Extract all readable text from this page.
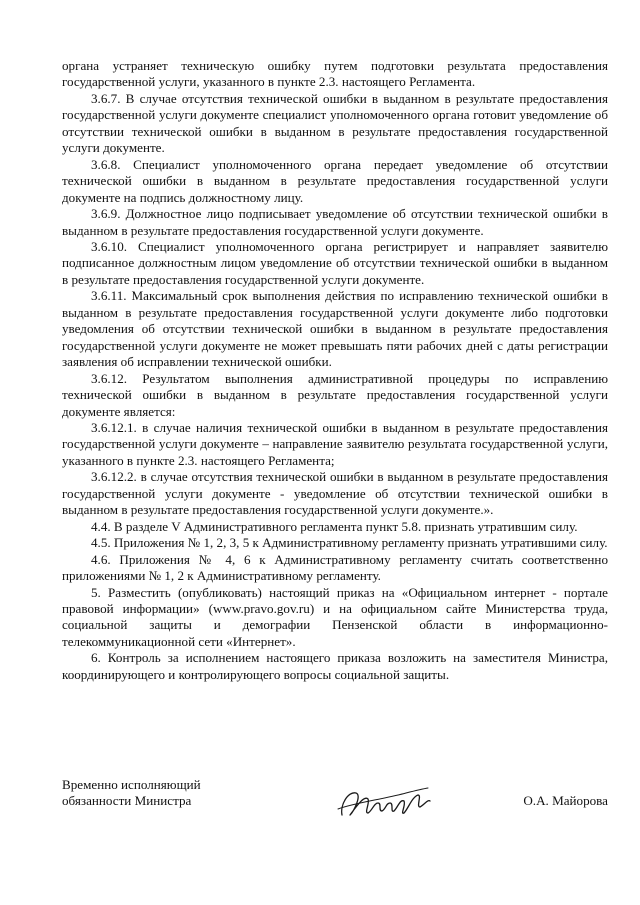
органа устраняет техническую ошибку путем подготовки результата предоставления государственной услуги, указанного в пункте 2.3. настоящего Регламента.

3.6.7. В случае отсутствия технической ошибки в выданном в результате предоставления государственной услуги документе специалист уполномоченного органа готовит уведомление об отсутствии технической ошибки в выданном в результате предоставления государственной услуги документе.

3.6.8. Специалист уполномоченного органа передает уведомление об отсутствии технической ошибки в выданном в результате предоставления государственной услуги документе на подпись должностному лицу.

3.6.9. Должностное лицо подписывает уведомление об отсутствии технической ошибки в выданном в результате предоставления государственной услуги документе.

3.6.10. Специалист уполномоченного органа регистрирует и направляет заявителю подписанное должностным лицом уведомление об отсутствии технической ошибки в выданном в результате предоставления государственной услуги документе.

3.6.11. Максимальный срок выполнения действия по исправлению технической ошибки в выданном в результате предоставления государственной услуги документе либо подготовки уведомления об отсутствии технической ошибки в выданном в результате предоставления государственной услуги документе не может превышать пяти рабочих дней с даты регистрации заявления об исправлении технической ошибки.

3.6.12. Результатом выполнения административной процедуры по исправлению технической ошибки в выданном в результате предоставления государственной услуги документе является:

3.6.12.1. в случае наличия технической ошибки в выданном в результате предоставления государственной услуги документе – направление заявителю результата государственной услуги, указанного в пункте 2.3. настоящего Регламента;

3.6.12.2. в случае отсутствия технической ошибки в выданном в результате предоставления государственной услуги документе - уведомление об отсутствии технической ошибки в выданном в результате предоставления государственной услуги документе.».

4.4. В разделе V Административного регламента пункт 5.8. признать утратившим силу.

4.5. Приложения № 1, 2, 3, 5 к Административному регламенту признать утратившими силу.

4.6. Приложения № 4, 6 к Административному регламенту считать соответственно приложениями № 1, 2 к Административному регламенту.

5. Разместить (опубликовать) настоящий приказ на «Официальном интернет - портале правовой информации» (www.pravo.gov.ru) и на официальном сайте Министерства труда, социальной защиты и демографии Пензенской области в информационно-телекоммуникационной сети «Интернет».

6. Контроль за исполнением настоящего приказа возложить на заместителя Министра, координирующего и контролирующего вопросы социальной защиты.

Временно исполняющий
обязанности Министра	О.А. Майорова
